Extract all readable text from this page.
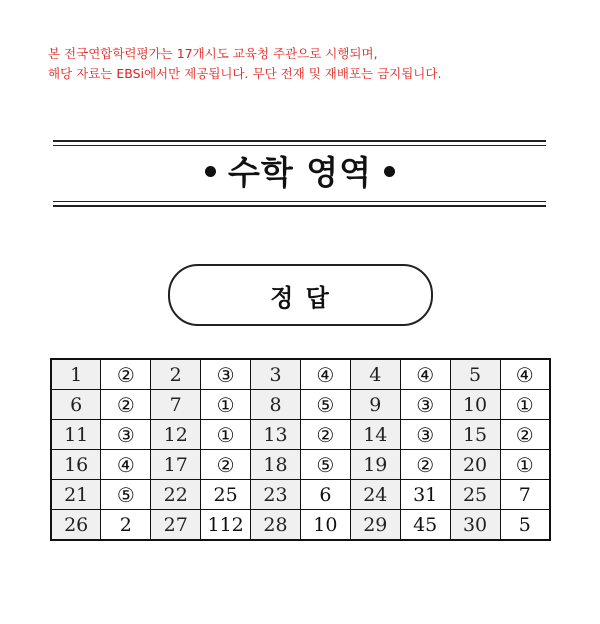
본 전국연합학력평가는 17개시도 교육청 주관으로 시행되며,
해당 자료는 EBSi에서만 제공됩니다. 무단 전재 및 재배포는 금지됩니다.
수학 영역
정 답
1	②	2	③	3	④	4	④	5	④
6	②	7	①	8	⑤	9	③	10	①
11	③	12	①	13	②	14	③	15	②
16	④	17	②	18	⑤	19	②	20	①
21	⑤	22	25	23	6	24	31	25	7
26	2	27	112	28	10	29	45	30	5
